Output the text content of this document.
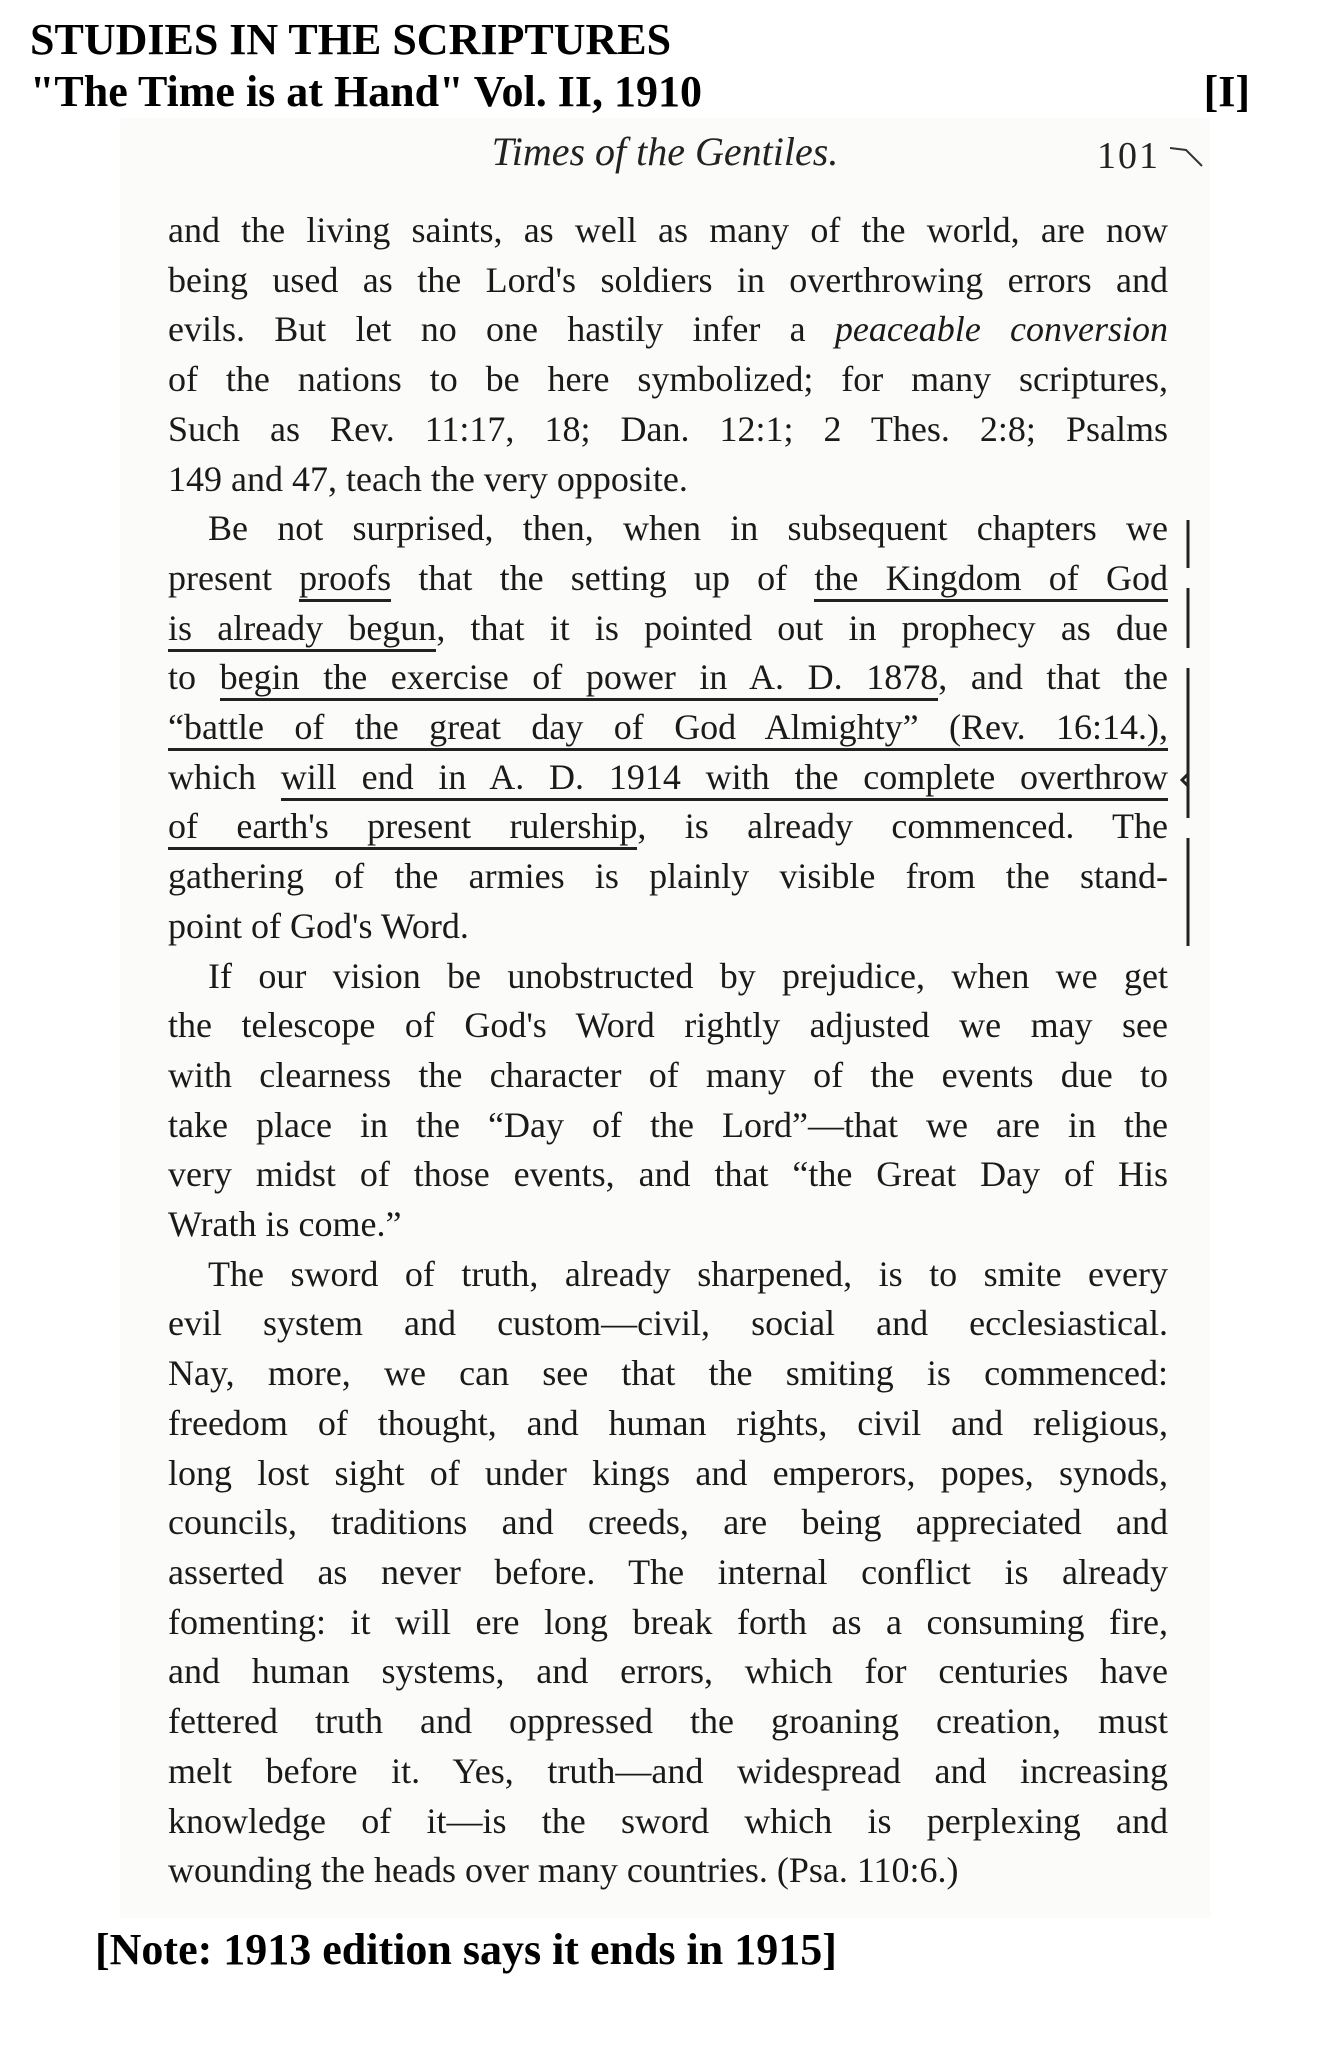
STUDIES IN THE SCRIPTURES
"The Time is at Hand" Vol. II, 1910	[I]
Times of the Gentiles.	101
and the living saints, as well as many of the world, are now
being used as the Lord's soldiers in overthrowing errors and
evils. But let no one hastily infer a peaceable conversion
of the nations to be here symbolized; for many scriptures,
Such as Rev. 11:17, 18; Dan. 12:1; 2 Thes. 2:8; Psalms
149 and 47, teach the very opposite.
Be not surprised, then, when in subsequent chapters we
present proofs that the setting up of the Kingdom of God
is already begun, that it is pointed out in prophecy as due
to begin the exercise of power in A. D. 1878, and that the
“battle of the great day of God Almighty” (Rev. 16:14.),
which will end in A. D. 1914 with the complete overthrow
of earth's present rulership, is already commenced. The
gathering of the armies is plainly visible from the stand-
point of God's Word.
If our vision be unobstructed by prejudice, when we get
the telescope of God's Word rightly adjusted we may see
with clearness the character of many of the events due to
take place in the “Day of the Lord”—that we are in the
very midst of those events, and that “the Great Day of His
Wrath is come.”
The sword of truth, already sharpened, is to smite every
evil system and custom—civil, social and ecclesiastical.
Nay, more, we can see that the smiting is commenced:
freedom of thought, and human rights, civil and religious,
long lost sight of under kings and emperors, popes, synods,
councils, traditions and creeds, are being appreciated and
asserted as never before. The internal conflict is already
fomenting: it will ere long break forth as a consuming fire,
and human systems, and errors, which for centuries have
fettered truth and oppressed the groaning creation, must
melt before it. Yes, truth—and widespread and increasing
knowledge of it—is the sword which is perplexing and
wounding the heads over many countries. (Psa. 110:6.)
[Note: 1913 edition says it ends in 1915]
